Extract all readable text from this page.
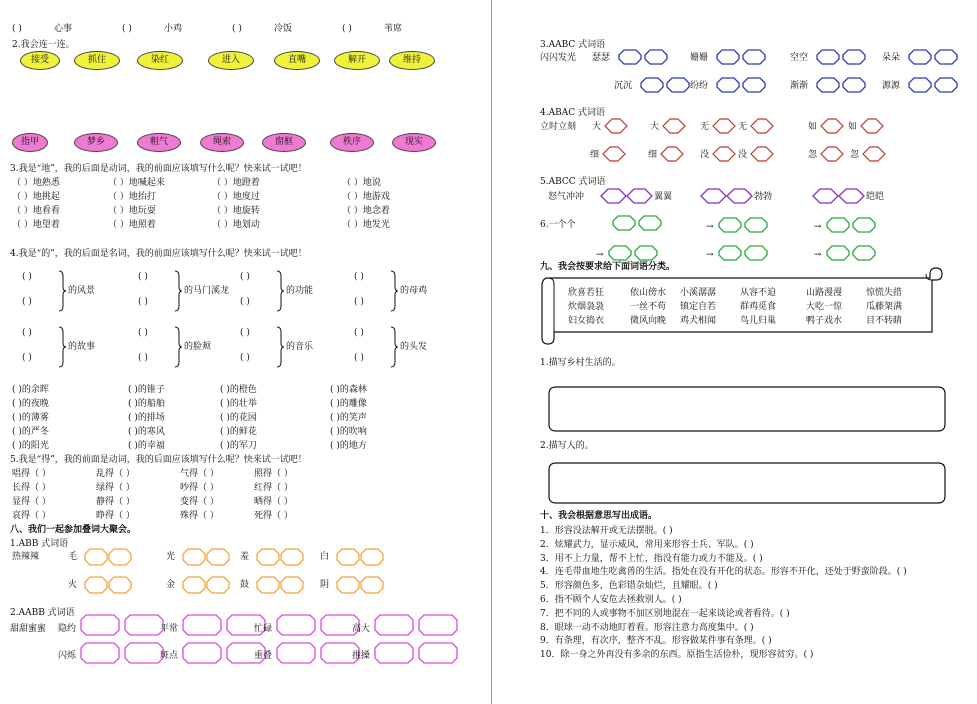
( )	心事	( )	小鸡	( )	冷饭	( )	苇席
2.我会连一连。
接受	抓住	染红	进入	直嘴	解开	维持
指甲	梦乡	粗气	绳索	窗框	秩序	现实
3.我是“地”，我的后面是动词，我的前面应该填写什么呢？快来试一试吧！
（ ）地熟悉	（ ）地喊起来	（ ）地蹬着	（ ）地说
（ ）地挑起	（ ）地抬打	（ ）地度过	（ ）地游戏
（ ）地看看	（ ）地玩耍	（ ）地旋转	（ ）地念着
（ ）地望着	（ ）地照着	（ ）地划动	（ ）地发光
4.我是“的”，我的后面是名词，我的前面应该填写什么呢？快来试一试吧！
( )
( )
的风景
( )
( )
的马门溪龙
( )
( )
的功能
( )
( )
的母鸡
( )
( )
的故事
( )
( )
的脸颊
( )
( )
的音乐
( )
( )
的头发
( )的余晖	( )的锥子	( )的橙色	( )的森林
( )的夜晚	( )的船舶	( )的壮举	( )的雕像
( )的薄雾	( )的排场	( )的花园	( )的笑声
( )的严冬	( )的寒风	( )的鲜花	( )的吹响
( )的阳光	( )的幸福	( )的军刀	( )的地方
5.我是“得”，我的前面是动词，我的后面应该填写什么呢？快来试一试吧！
唱得（ ）	乱得（ ）	气得（ ）	照得（ ）
长得（ ）	绿得（ ）	吵得（ ）	红得（ ）
显得（ ）	静得（ ）	变得（ ）	晒得（ ）
哀得（ ）	睁得（ ）	殊得（ ）	死得（ ）
八、我们一起参加叠词大聚会。
1.ABB 式词语
热辣辣	毛	光	羞	白
火	金	鼓	阴
2.AABB 式词语
甜甜蜜蜜 隐约	平常	忙碌	高大
闪烁	斑点	重叠	推搡
3.AABC 式词语
闪闪发光 瑟瑟	姗姗	空空	朵朵
沉沉	纷纷	渐渐	源源
4.ABAC 式词语
立时立刻 大	大	无	无	如	如
细	细	没	没	忽	忽
5.ABCC 式词语
怒气冲冲	翼翼	勃勃	皑皑
6.一个个	→	→
→	→	→
九、我会按要求给下面词语分类。
欣喜若狂	依山傍水 小溪潺潺	从容不迫	山路漫漫	惊慌失措
炊烟袅袅	一丝不苟 镇定自若	群鸡觅食	大吃一惊	瓜藤架满
妇女捣衣	微风向晚 鸡犬相闻	鸟儿归巢	鸭子戏水	目不转睛
1.描写乡村生活的。
2.描写人的。
十、我会根据意思写出成语。
1．形容没法解开或无法摆脱。( )
2．炫耀武力，显示威风，常用来形容士兵、军队。( )
3．用不上力量，帮不上忙，指没有能力或力不能及。( )
4．连毛带血地生吃禽兽的生活。指处在没有开化的状态。形容不开化，还处于野蛮阶段。( )
5．形容颜色多，色彩错杂灿烂，且耀眼。( )
6．指不顾个人安危去拯救别人。( )
7．把不同的人或事物不加区别地混在一起来谈论或者看待。( )
8．眼球一动不动地盯着看。形容注意力高度集中。( )
9．有条理，有次序，整齐不乱。形容做某件事有条理。( )
10．除一身之外再没有多余的东西。原指生活俭朴，现形容贫穷。( )
